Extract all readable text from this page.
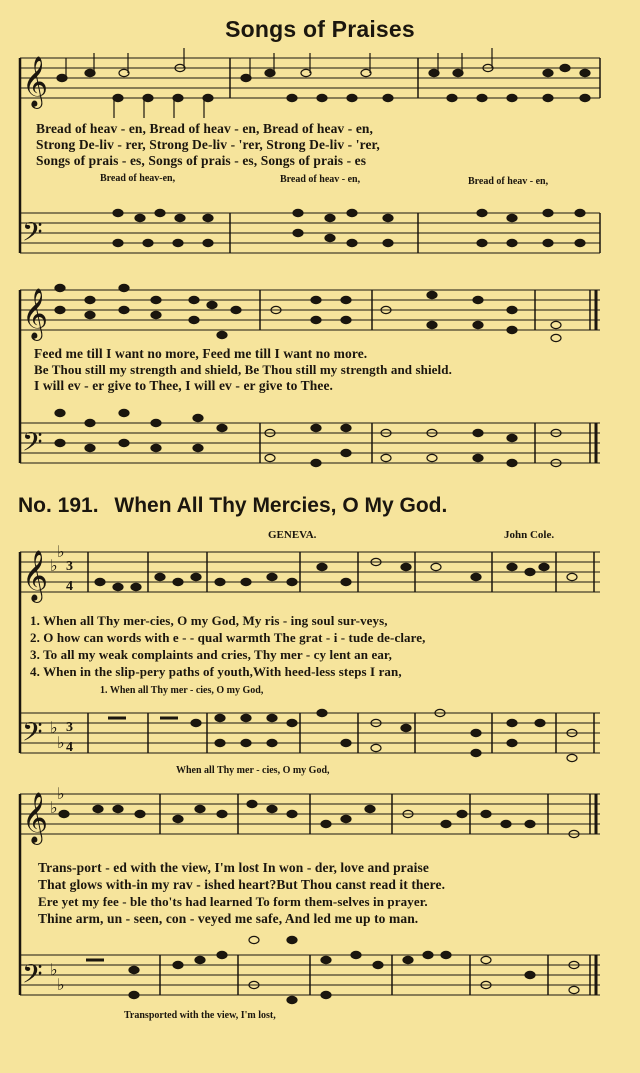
Songs of Praises
𝄞
𝄢
𝄞
𝄢
𝄞
𝄢
𝄞
𝄢
♭
♭
♭
♭
♭
♭
♭
♭
3
4
3
4
Bread of heav - en, Bread of heav - en, Bread of heav - en,
Strong De-liv - rer, Strong De-liv - 'rer, Strong De-liv - 'rer,
Songs of prais - es, Songs of prais - es, Songs of prais - es
Bread of heav-en,	Bread of heav - en,	Bread of heav - en,
Feed me till I want no more, Feed me till I want no more.
Be Thou still my strength and shield, Be Thou still my strength and shield.
I will ev - er give to Thee, I will ev - er give to Thee.
No. 191. When All Thy Mercies, O My God.
GENEVA.	John Cole.
1. When all Thy mer-cies, O my God, My ris - ing soul sur-veys,
2. O how can words with e - - qual warmth The grat - i - tude de-clare,
3. To all my weak complaints and cries, Thy mer - cy lent an ear,
4. When in the slip-pery paths of youth,With heed-less steps I ran,
1. When all Thy mer - cies, O my God,
When all Thy mer - cies, O my God,
Trans-port - ed with the view, I'm lost In won - der, love and praise
That glows with-in my rav - ished heart?But Thou canst read it there.
Ere yet my fee - ble tho'ts had learned To form them-selves in prayer.
Thine arm, un - seen, con - veyed me safe, And led me up to man.
Transported with the view, I'm lost,
